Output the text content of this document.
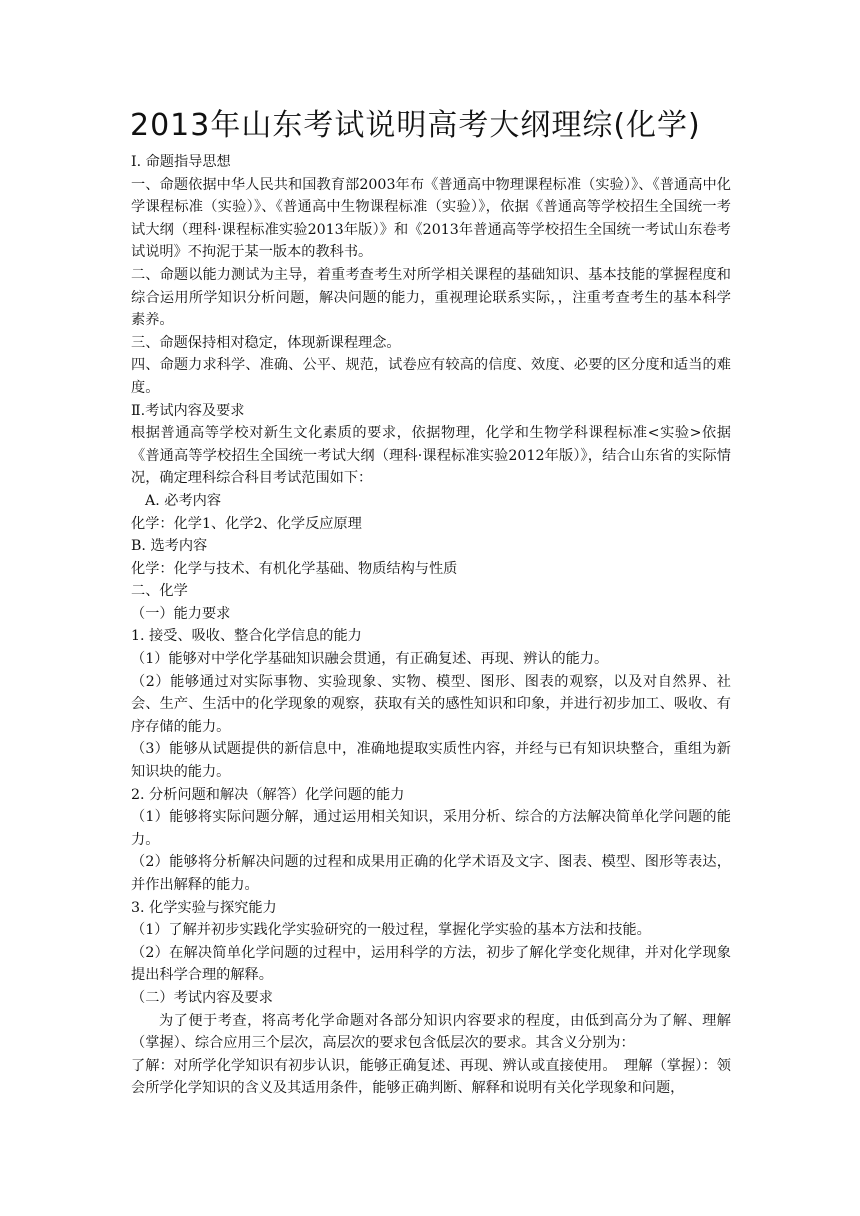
2013年山东考试说明高考大纲理综(化学)

Ⅰ. 命题指导思想

一、命题依据中华人民共和国教育部2003年布《普通高中物理课程标准（实验）》、《普通高中化学课程标准（实验）》、《普通高中生物课程标准（实验）》，依据《普通高等学校招生全国统一考试大纲（理科·课程标准实验2013年版）》和《2013年普通高等学校招生全国统一考试山东卷考试说明》不拘泥于某一版本的教科书。

二、命题以能力测试为主导，着重考查考生对所学相关课程的基础知识、基本技能的掌握程度和综合运用所学知识分析问题，解决问题的能力，重视理论联系实际，，注重考查考生的基本科学素养。

三、命题保持相对稳定，体现新课程理念。

四、命题力求科学、准确、公平、规范，试卷应有较高的信度、效度、必要的区分度和适当的难度。

Ⅱ.考试内容及要求

根据普通高等学校对新生文化素质的要求，依据物理，化学和生物学科课程标准<实验>依据《普通高等学校招生全国统一考试大纲（理科·课程标准实验2012年版）》，结合山东省的实际情况，确定理科综合科目考试范围如下：

A. 必考内容

化学：化学1、化学2、化学反应原理

B. 选考内容

化学：化学与技术、有机化学基础、物质结构与性质

二、化学

（一）能力要求

1. 接受、吸收、整合化学信息的能力

（1）能够对中学化学基础知识融会贯通，有正确复述、再现、辨认的能力。

（2）能够通过对实际事物、实验现象、实物、模型、图形、图表的观察，以及对自然界、社会、生产、生活中的化学现象的观察，获取有关的感性知识和印象，并进行初步加工、吸收、有序存储的能力。

（3）能够从试题提供的新信息中，准确地提取实质性内容，并经与已有知识块整合，重组为新知识块的能力。

2. 分析问题和解决（解答）化学问题的能力

（1）能够将实际问题分解，通过运用相关知识，采用分析、综合的方法解决简单化学问题的能力。

（2）能够将分析解决问题的过程和成果用正确的化学术语及文字、图表、模型、图形等表达，并作出解释的能力。

3. 化学实验与探究能力

（1）了解并初步实践化学实验研究的一般过程，掌握化学实验的基本方法和技能。

（2）在解决简单化学问题的过程中，运用科学的方法，初步了解化学变化规律，并对化学现象提出科学合理的解释。

（二）考试内容及要求

为了便于考查，将高考化学命题对各部分知识内容要求的程度，由低到高分为了解、理解（掌握）、综合应用三个层次，高层次的要求包含低层次的要求。其含义分别为：

了解：对所学化学知识有初步认识，能够正确复述、再现、辨认或直接使用。　理解（掌握）：领会所学化学知识的含义及其适用条件，能够正确判断、解释和说明有关化学现象和问题，
